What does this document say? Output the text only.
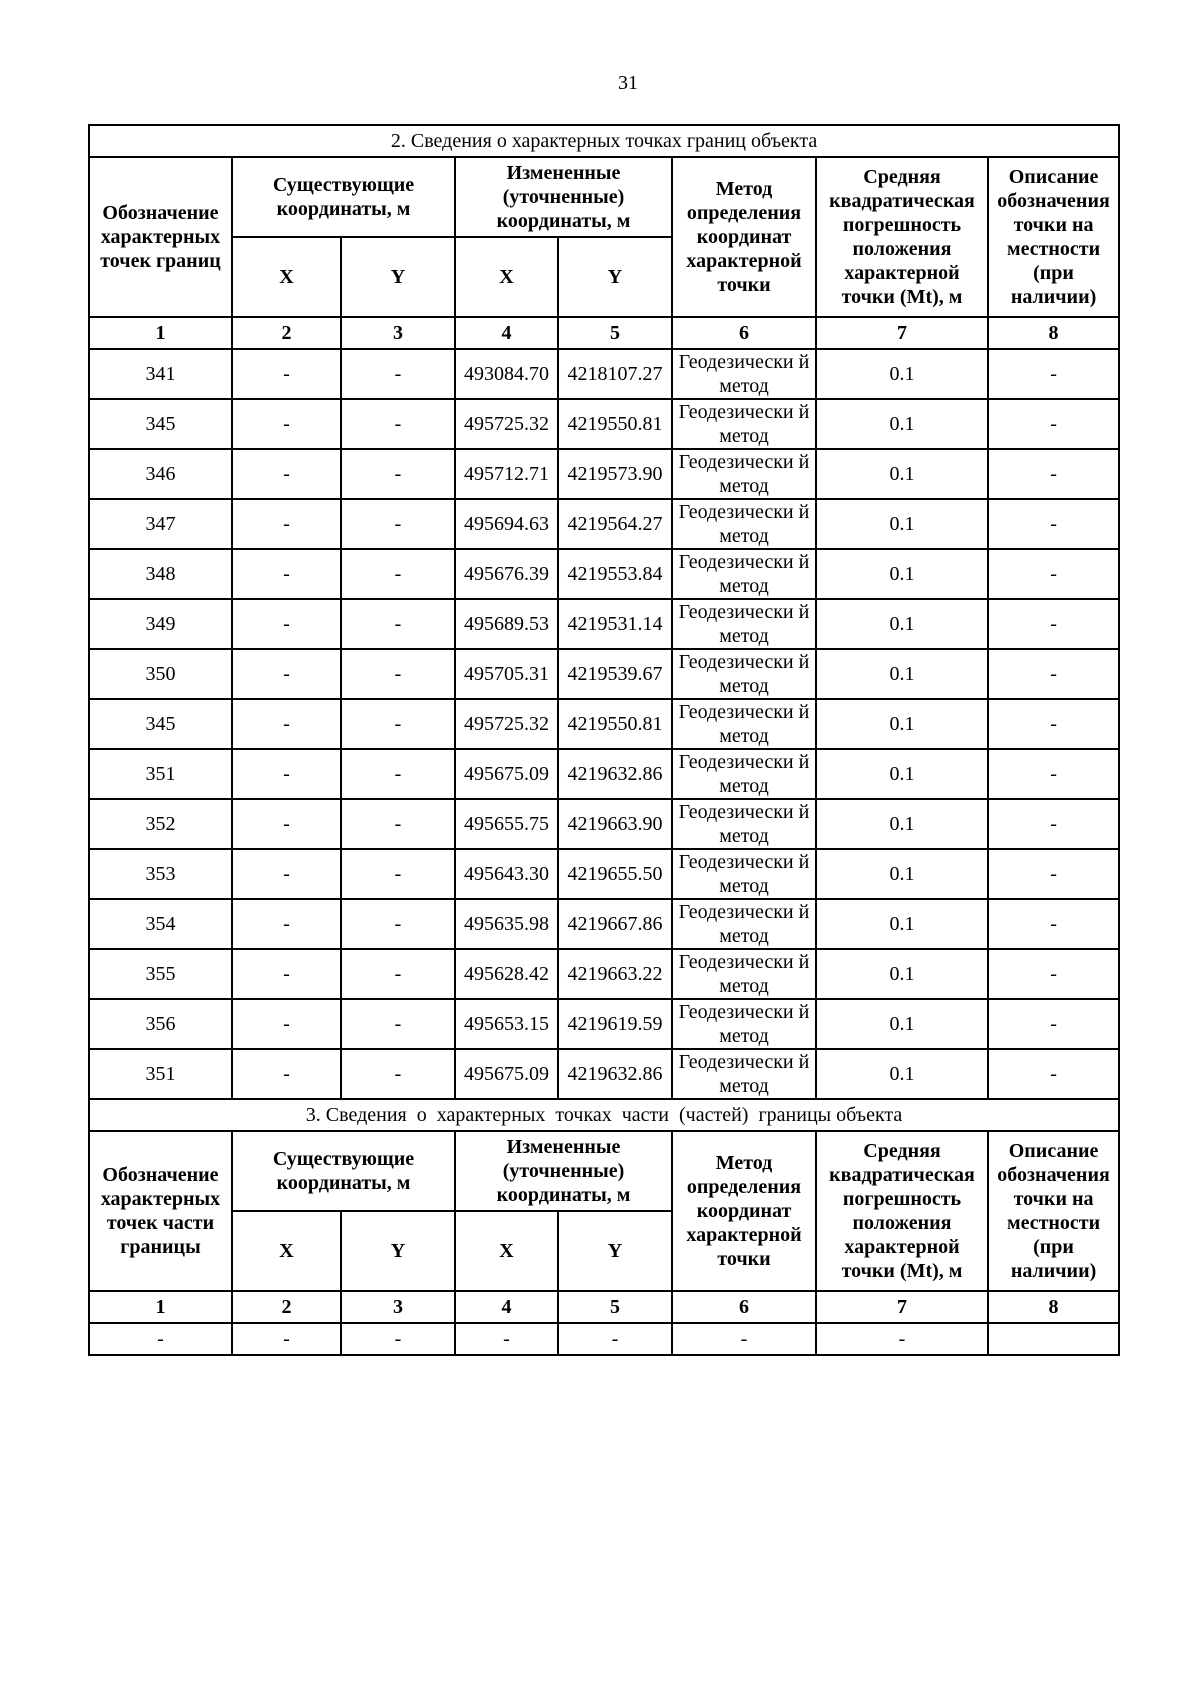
31
2. Сведения о характерных точках границ объекта							
Обозначение характерных точек границ	Существующие координаты, м		Измененные (уточненные) координаты, м		Метод определения координат характерной точки	Средняя квадратическая погрешность положения характерной точки (Mt), м	Описание обозначения точки на местности (при наличии)
	X	Y	X	Y			
1	2	3	4	5	6	7	8
341	-	-	493084.70	4218107.27	Геодезически й метод	0.1	-
345	-	-	495725.32	4219550.81	Геодезически й метод	0.1	-
346	-	-	495712.71	4219573.90	Геодезически й метод	0.1	-
347	-	-	495694.63	4219564.27	Геодезически й метод	0.1	-
348	-	-	495676.39	4219553.84	Геодезически й метод	0.1	-
349	-	-	495689.53	4219531.14	Геодезически й метод	0.1	-
350	-	-	495705.31	4219539.67	Геодезически й метод	0.1	-
345	-	-	495725.32	4219550.81	Геодезически й метод	0.1	-
351	-	-	495675.09	4219632.86	Геодезически й метод	0.1	-
352	-	-	495655.75	4219663.90	Геодезически й метод	0.1	-
353	-	-	495643.30	4219655.50	Геодезически й метод	0.1	-
354	-	-	495635.98	4219667.86	Геодезически й метод	0.1	-
355	-	-	495628.42	4219663.22	Геодезически й метод	0.1	-
356	-	-	495653.15	4219619.59	Геодезически й метод	0.1	-
351	-	-	495675.09	4219632.86	Геодезически й метод	0.1	-
3. Сведения  о  характерных  точках  части  (частей)  границы объекта							
Обозначение характерных точек части границы	Существующие координаты, м		Измененные (уточненные) координаты, м		Метод определения координат характерной точки	Средняя квадратическая погрешность положения характерной точки (Mt), м	Описание обозначения точки на местности (при наличии)
	X	Y	X	Y			
1	2	3	4	5	6	7	8
-	-	-	-	-	-	-	
